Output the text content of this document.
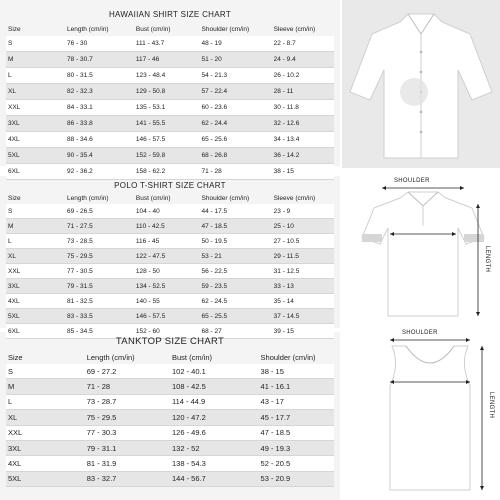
HAWAIIAN SHIRT SIZE CHART
Size	Length (cm/in)	Bust (cm/in)	Shoulder (cm/in)	Sleeve (cm/in)
S	76 - 30	111 - 43.7	48 - 19	22 - 8.7
M	78 - 30.7	117 - 46	51 - 20	24 - 9.4
L	80 - 31.5	123 - 48.4	54 - 21.3	26 - 10.2
XL	82 - 32.3	129 - 50.8	57 - 22.4	28 - 11
XXL	84 - 33.1	135 - 53.1	60 - 23.6	30 - 11.8
3XL	86 - 33.8	141 - 55.5	62 - 24.4	32 - 12.6
4XL	88 - 34.6	146 - 57.5	65 - 25.6	34 - 13.4
5XL	90 - 35.4	152 - 59.8	68 - 26.8	36 - 14.2
6XL	92 - 36.2	158 - 62.2	71 - 28	38 - 15
POLO T-SHIRT SIZE CHART
Size	Length (cm/in)	Bust (cm/in)	Shoulder (cm/in)	Sleeve (cm/in)
S	69 - 26.5	104 - 40	44 - 17.5	23 - 9
M	71 - 27.5	110 - 42.5	47 - 18.5	25 - 10
L	73 - 28.5	116 - 45	50 - 19.5	27 - 10.5
XL	75 - 29.5	122 - 47.5	53 - 21	29 - 11.5
XXL	77 - 30.5	128 - 50	56 - 22.5	31 - 12.5
3XL	79 - 31.5	134 - 52.5	59 - 23.5	33 - 13
4XL	81 - 32.5	140 - 55	62 - 24.5	35 - 14
5XL	83 - 33.5	146 - 57.5	65 - 25.5	37 - 14.5
6XL	85 - 34.5	152 - 60	68 - 27	39 - 15
TANKTOP SIZE CHART
Size	Length (cm/in)	Bust (cm/in)	Shoulder (cm/in)
S	69 - 27.2	102 - 40.1	38 - 15
M	71 - 28	108 - 42.5	41 - 16.1
L	73 - 28.7	114 - 44.9	43 - 17
XL	75 - 29.5	120 - 47.2	45 - 17.7
XXL	77 - 30.3	126 - 49.6	47 - 18.5
3XL	79 - 31.1	132 - 52	49 - 19.3
4XL	81 - 31.9	138 - 54.3	52 - 20.5
5XL	83 - 32.7	144 - 56.7	53 - 20.9
SHOULDER
LENGTH
SHOULDER
LENGTH
